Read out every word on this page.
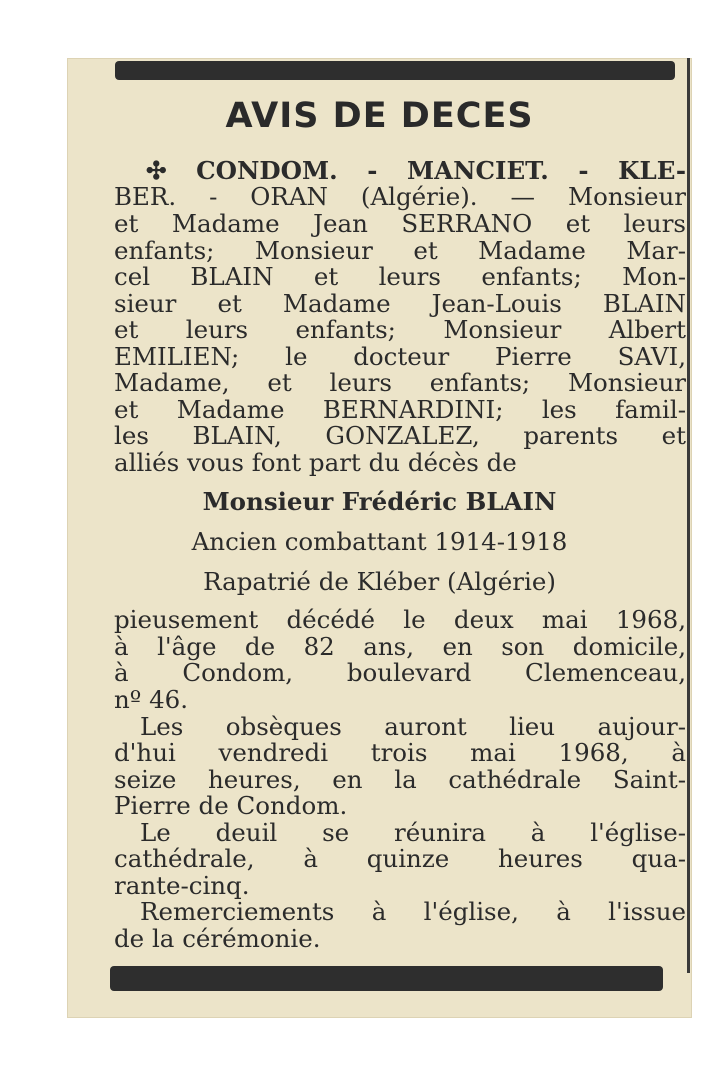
AVIS DE DECES
✣ CONDOM. - MANCIET. - KLE-
BER. - ORAN (Algérie). — Monsieur
et Madame Jean SERRANO et leurs
enfants; Monsieur et Madame Mar-
cel BLAIN et leurs enfants; Mon-
sieur et Madame Jean-Louis BLAIN
et leurs enfants; Monsieur Albert
EMILIEN; le docteur Pierre SAVI,
Madame, et leurs enfants; Monsieur
et Madame BERNARDINI; les famil-
les BLAIN, GONZALEZ, parents et
alliés vous font part du décès de
Monsieur Frédéric BLAIN
Ancien combattant 1914-1918
Rapatrié de Kléber (Algérie)
pieusement décédé le deux mai 1968,
à l'âge de 82 ans, en son domicile,
à Condom, boulevard Clemenceau,
nº 46.
Les obsèques auront lieu aujour-
d'hui vendredi trois mai 1968, à
seize heures, en la cathédrale Saint-
Pierre de Condom.
Le deuil se réunira à l'église-
cathédrale, à quinze heures qua-
rante-cinq.
Remerciements à l'église, à l'issue
de la cérémonie.
